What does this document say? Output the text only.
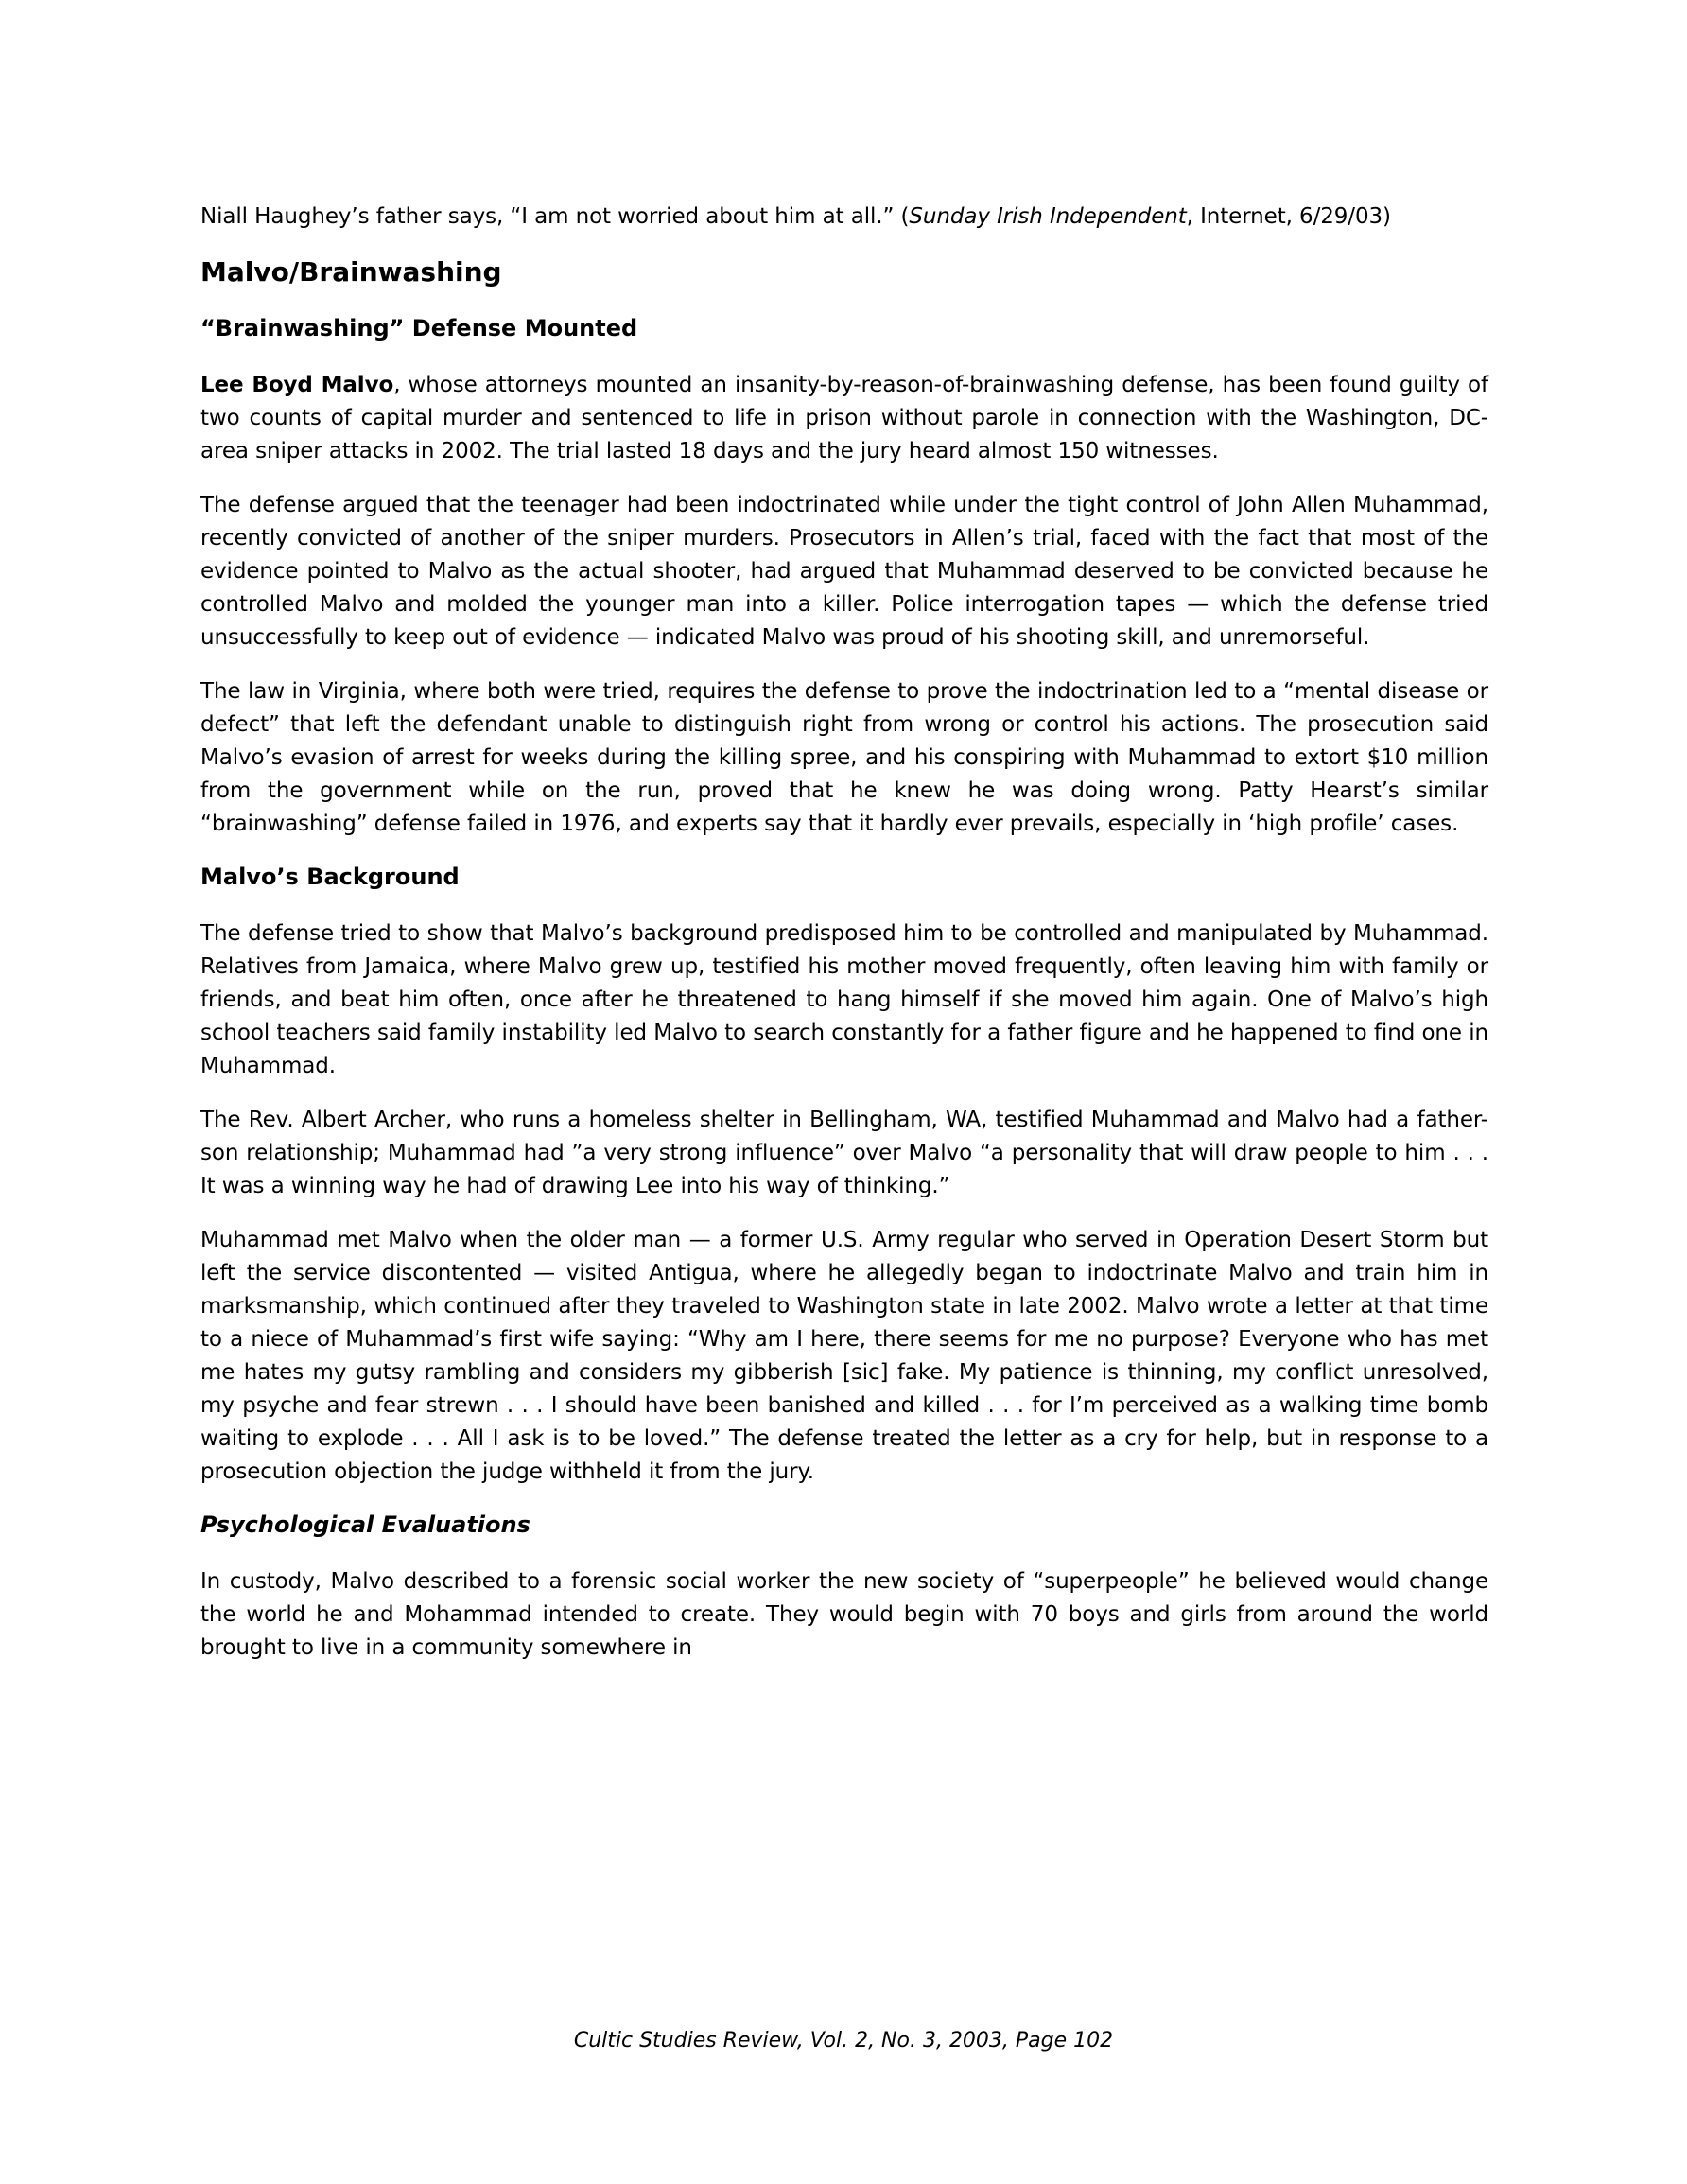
Niall Haughey’s father says, “I am not worried about him at all.” (Sunday Irish Independent, Internet, 6/29/03)

Malvo/Brainwashing
“Brainwashing” Defense Mounted

Lee Boyd Malvo, whose attorneys mounted an insanity-by-reason-of-brainwashing defense, has been found guilty of two counts of capital murder and sentenced to life in prison without parole in connection with the Washington, DC-area sniper attacks in 2002. The trial lasted 18 days and the jury heard almost 150 witnesses.

The defense argued that the teenager had been indoctrinated while under the tight control of John Allen Muhammad, recently convicted of another of the sniper murders. Prosecutors in Allen’s trial, faced with the fact that most of the evidence pointed to Malvo as the actual shooter, had argued that Muhammad deserved to be convicted because he controlled Malvo and molded the younger man into a killer. Police interrogation tapes — which the defense tried unsuccessfully to keep out of evidence — indicated Malvo was proud of his shooting skill, and unremorseful.

The law in Virginia, where both were tried, requires the defense to prove the indoctrination led to a “mental disease or defect” that left the defendant unable to distinguish right from wrong or control his actions. The prosecution said Malvo’s evasion of arrest for weeks during the killing spree, and his conspiring with Muhammad to extort $10 million from the government while on the run, proved that he knew he was doing wrong. Patty Hearst’s similar “brainwashing” defense failed in 1976, and experts say that it hardly ever prevails, especially in ‘high profile’ cases.

Malvo’s Background

The defense tried to show that Malvo’s background predisposed him to be controlled and manipulated by Muhammad. Relatives from Jamaica, where Malvo grew up, testified his mother moved frequently, often leaving him with family or friends, and beat him often, once after he threatened to hang himself if she moved him again. One of Malvo’s high school teachers said family instability led Malvo to search constantly for a father figure and he happened to find one in Muhammad.

The Rev. Albert Archer, who runs a homeless shelter in Bellingham, WA, testified Muhammad and Malvo had a father-son relationship; Muhammad had ”a very strong influence” over Malvo “a personality that will draw people to him . . . It was a winning way he had of drawing Lee into his way of thinking.”

Muhammad met Malvo when the older man — a former U.S. Army regular who served in Operation Desert Storm but left the service discontented — visited Antigua, where he allegedly began to indoctrinate Malvo and train him in marksmanship, which continued after they traveled to Washington state in late 2002. Malvo wrote a letter at that time to a niece of Muhammad’s first wife saying: “Why am I here, there seems for me no purpose? Everyone who has met me hates my gutsy rambling and considers my gibberish [sic] fake. My patience is thinning, my conflict unresolved, my psyche and fear strewn . . . I should have been banished and killed . . . for I’m perceived as a walking time bomb waiting to explode . . . All I ask is to be loved.” The defense treated the letter as a cry for help, but in response to a prosecution objection the judge withheld it from the jury.

Psychological Evaluations

In custody, Malvo described to a forensic social worker the new society of “superpeople” he believed would change the world he and Mohammad intended to create. They would begin with 70 boys and girls from around the world brought to live in a community somewhere in

Cultic Studies Review, Vol. 2, No. 3, 2003, Page 102
